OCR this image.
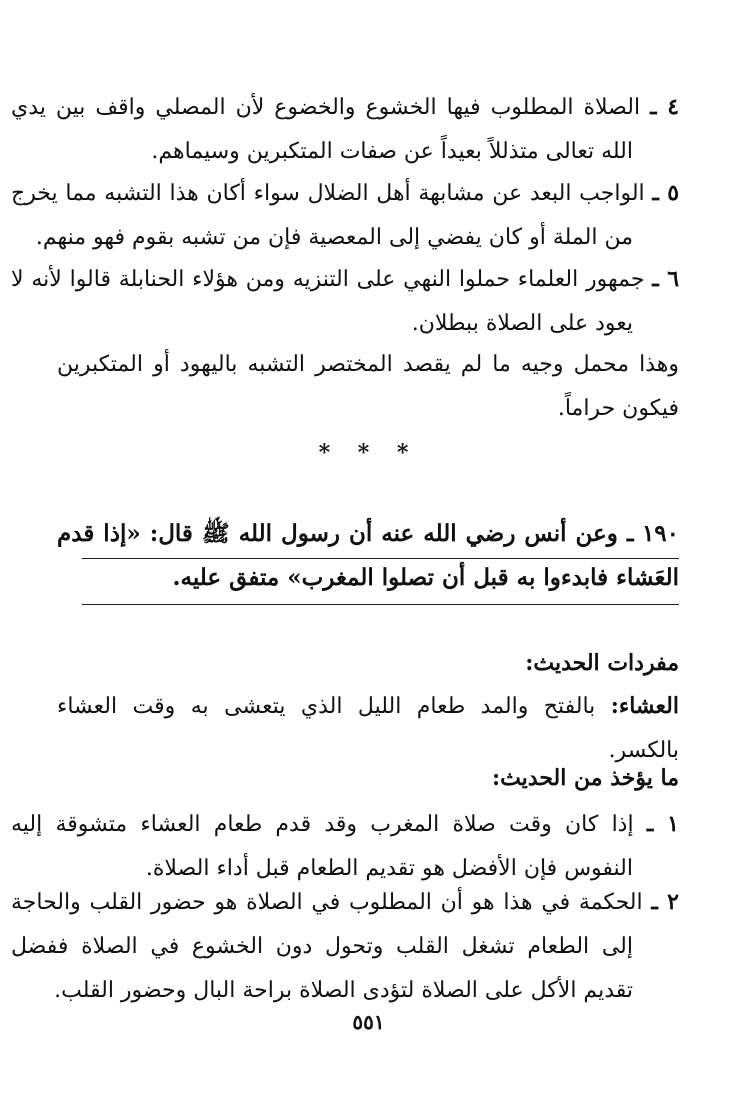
٤ ـ الصلاة المطلوب فيها الخشوع والخضوع لأن المصلي واقف بين يدي الله تعالى متذللاً بعيداً عن صفات المتكبرين وسيماهم.
٥ ـ الواجب البعد عن مشابهة أهل الضلال سواء أكان هذا التشبه مما يخرج من الملة أو كان يفضي إلى المعصية فإن من تشبه بقوم فهو منهم.
٦ ـ جمهور العلماء حملوا النهي على التنزيه ومن هؤلاء الحنابلة قالوا لأنه لا يعود على الصلاة ببطلان.
وهذا محمل وجيه ما لم يقصد المختصر التشبه باليهود أو المتكبرين فيكون حراماً.
* * *
١٩٠ ـ وعن أنس رضي الله عنه أن رسول الله ﷺ قال: «إذا قدم العَشاء فابدءوا به قبل أن تصلوا المغرب» متفق عليه.
مفردات الحديث:
العشاء: بالفتح والمد طعام الليل الذي يتعشى به وقت العشاء بالكسر.
ما يؤخذ من الحديث:
١ ـ إذا كان وقت صلاة المغرب وقد قدم طعام العشاء متشوقة إليه النفوس فإن الأفضل هو تقديم الطعام قبل أداء الصلاة.
٢ ـ الحكمة في هذا هو أن المطلوب في الصلاة هو حضور القلب والحاجة إلى الطعام تشغل القلب وتحول دون الخشوع في الصلاة ففضل تقديم الأكل على الصلاة لتؤدى الصلاة براحة البال وحضور القلب.
٥٥١
